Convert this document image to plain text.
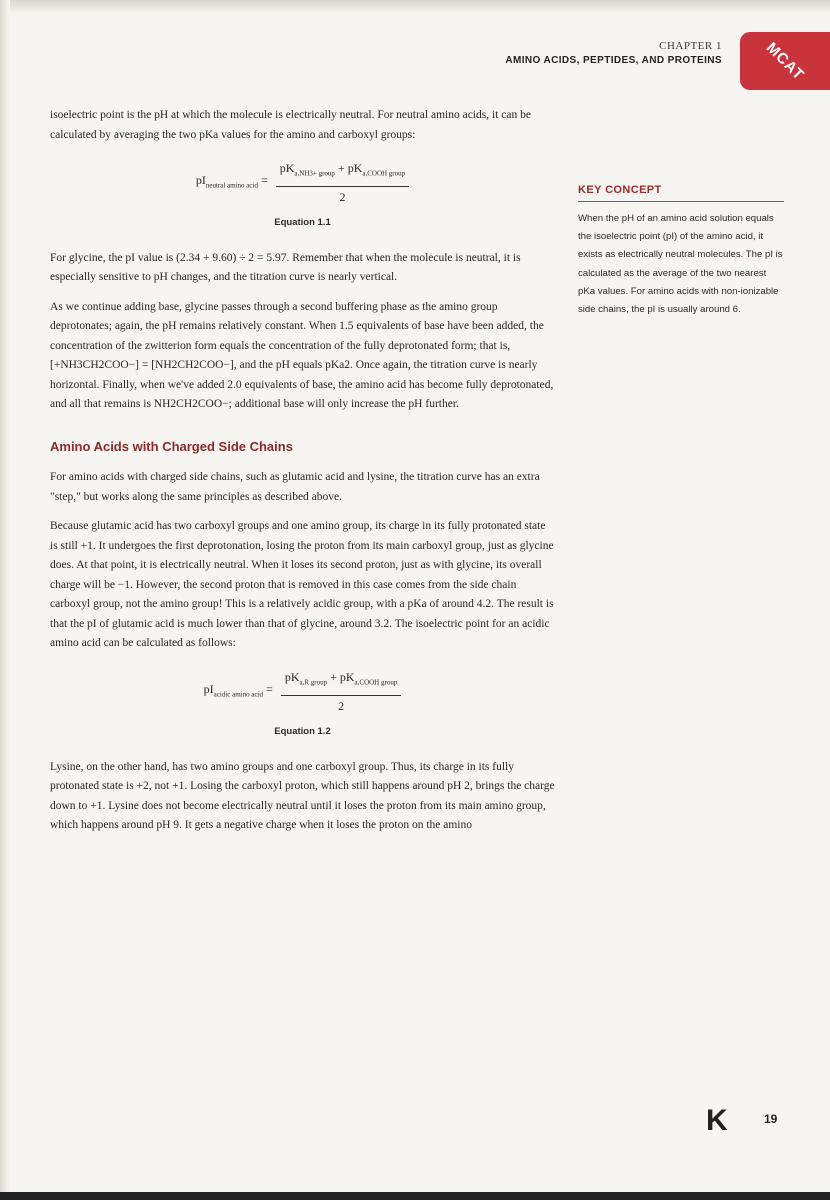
CHAPTER 1
AMINO ACIDS, PEPTIDES, AND PROTEINS	MCAT

isoelectric point is the pH at which the molecule is electrically neutral. For neutral amino acids, it can be calculated by averaging the two pKa values for the amino and carboxyl groups:

$pI_{neutral amino acid} = \frac{pK_{a,NH3+ group} + pK_{a,COOH group}}{2}$
Equation 1.1

For glycine, the pI value is (2.34 + 9.60) ÷ 2 = 5.97. Remember that when the molecule is neutral, it is especially sensitive to pH changes, and the titration curve is nearly vertical.

As we continue adding base, glycine passes through a second buffering phase as the amino group deprotonates; again, the pH remains relatively constant. When 1.5 equivalents of base have been added, the concentration of the zwitterion form equals the concentration of the fully deprotonated form; that is, [+NH3CH2COO−] = [NH2CH2COO−], and the pH equals pKa2. Once again, the titration curve is nearly horizontal. Finally, when we've added 2.0 equivalents of base, the amino acid has become fully deprotonated, and all that remains is NH2CH2COO−; additional base will only increase the pH further.

Amino Acids with Charged Side Chains

For amino acids with charged side chains, such as glutamic acid and lysine, the titration curve has an extra "step," but works along the same principles as described above.

Because glutamic acid has two carboxyl groups and one amino group, its charge in its fully protonated state is still +1. It undergoes the first deprotonation, losing the proton from its main carboxyl group, just as glycine does. At that point, it is electrically neutral. When it loses its second proton, just as with glycine, its overall charge will be −1. However, the second proton that is removed in this case comes from the side chain carboxyl group, not the amino group! This is a relatively acidic group, with a pKa of around 4.2. The result is that the pI of glutamic acid is much lower than that of glycine, around 3.2. The isoelectric point for an acidic amino acid can be calculated as follows:

$pI_{acidic amino acid} = \frac{pK_{a,R group} + pK_{a,COOH group}}{2}$
Equation 1.2

Lysine, on the other hand, has two amino groups and one carboxyl group. Thus, its charge in its fully protonated state is +2, not +1. Losing the carboxyl proton, which still happens around pH 2, brings the charge down to +1. Lysine does not become electrically neutral until it loses the proton from its main amino group, which happens around pH 9. It gets a negative charge when it loses the proton on the amino

KEY CONCEPT
When the pH of an amino acid solution equals the isoelectric point (pI) of the amino acid, it exists as electrically neutral molecules. The pI is calculated as the average of the two nearest pKa values. For amino acids with non-ionizable side chains, the pI is usually around 6.
K	19
